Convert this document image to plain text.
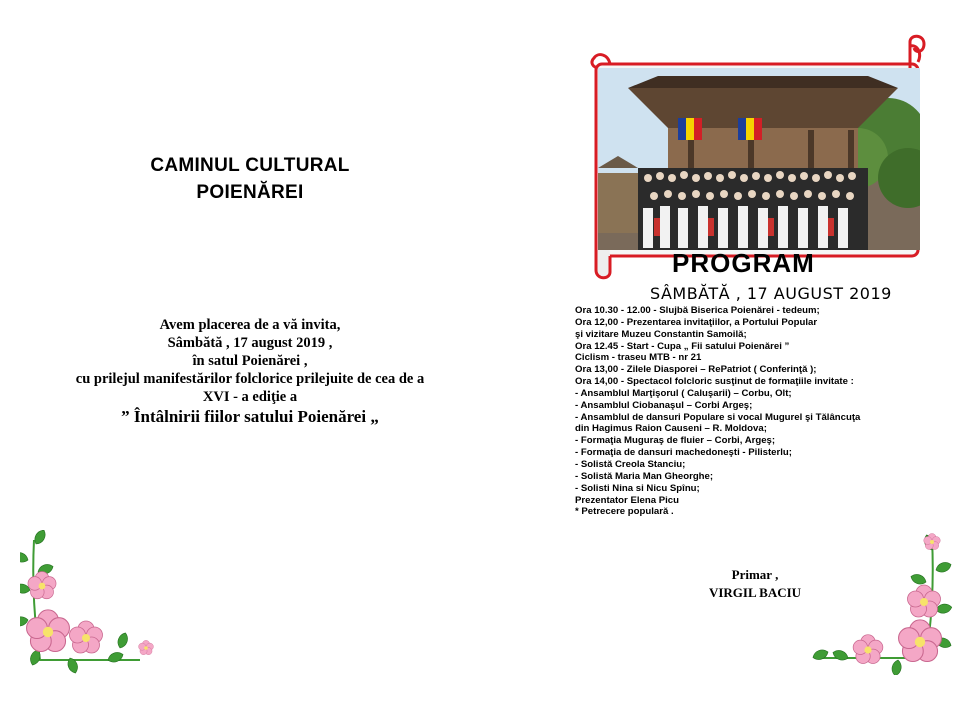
CAMINUL CULTURAL
POIENĂREI
Avem placerea de a vă invita,
Sâmbătă , 17 august 2019 ,
în satul Poienărei ,
cu prilejul manifestărilor folclorice prilejuite de cea de a
XVI - a ediţie a
” Întâlnirii fiilor satului Poienărei „
PROGRAM
SÂMBĂTĂ , 17 AUGUST 2019
Ora 10.30 - 12.00 - Slujbă Biserica Poienărei - tedeum;
Ora 12,00 - Prezentarea invitaţiilor, a Portului Popular
şi vizitare Muzeu Constantin Samoilă;
Ora 12.45 - Start - Cupa „ Fii satului Poienărei ”
Ciclism - traseu MTB - nr 21
Ora 13,00 - Zilele Diasporei – RePatriot ( Conferinţă );
Ora 14,00 - Spectacol folcloric susţinut de formaţiile invitate :
- Ansamblul Marţişorul ( Caluşarii) – Corbu, Olt;
- Ansamblul Ciobanaşul – Corbi Argeş;
- Ansamblul de dansuri Populare si vocal Mugurel şi Tălâncuţa
din Hagimus Raion Causeni – R. Moldova;
- Formaţia Muguraş de fluier – Corbi, Argeş;
- Formaţia de dansuri machedoneşti - Pilisterlu;
- Solistă Creola Stanciu;
- Solistă Maria Man Gheorghe;
- Solisti Nina si Nicu Spînu;
Prezentator Elena Picu
* Petrecere populară .
Primar ,
VIRGIL BACIU
